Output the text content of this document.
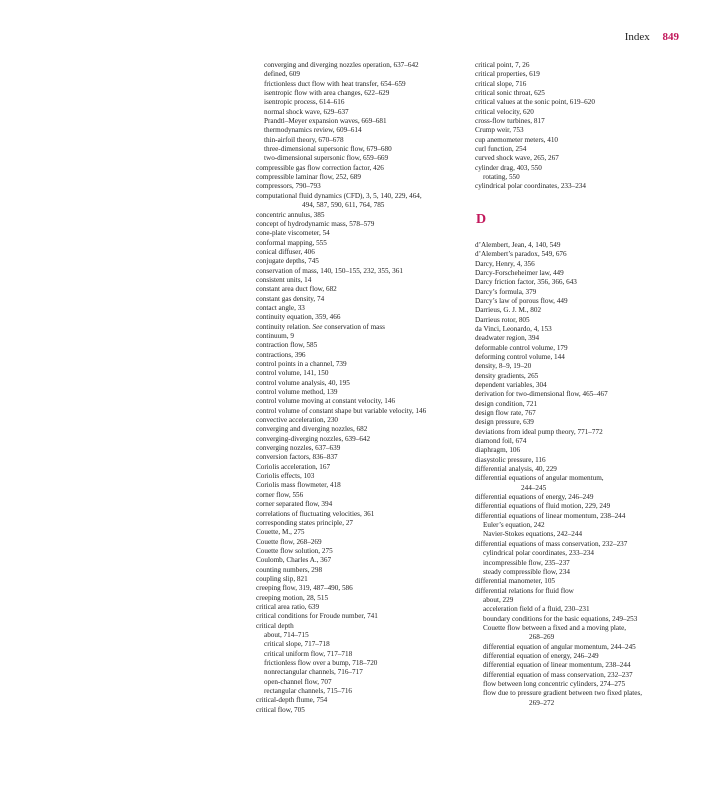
Index 849
converging and diverging nozzles operation, 637–642
defined, 609
frictionless duct flow with heat transfer, 654–659
isentropic flow with area changes, 622–629
isentropic process, 614–616
normal shock wave, 629–637
Prandtl–Meyer expansion waves, 669–681
thermodynamics review, 609–614
thin-airfoil theory, 670–678
three-dimensional supersonic flow, 679–680
two-dimensional supersonic flow, 659–669
compressible gas flow correction factor, 426
compressible laminar flow, 252, 689
compressors, 790–793
computational fluid dynamics (CFD), 3, 5, 140, 229, 464,
494, 587, 590, 611, 764, 785
concentric annulus, 385
concept of hydrodynamic mass, 578–579
cone-plate viscometer, 54
conformal mapping, 555
conical diffuser, 406
conjugate depths, 745
conservation of mass, 140, 150–155, 232, 355, 361
consistent units, 14
constant area duct flow, 682
constant gas density, 74
contact angle, 33
continuity equation, 359, 466
continuity relation. See conservation of mass
continuum, 9
contraction flow, 585
contractions, 396
control points in a channel, 739
control volume, 141, 150
control volume analysis, 40, 195
control volume method, 139
control volume moving at constant velocity, 146
control volume of constant shape but variable velocity, 146
convective acceleration, 230
converging and diverging nozzles, 682
converging-diverging nozzles, 639–642
converging nozzles, 637–639
conversion factors, 836–837
Coriolis acceleration, 167
Coriolis effects, 103
Coriolis mass flowmeter, 418
corner flow, 556
corner separated flow, 394
correlations of fluctuating velocities, 361
corresponding states principle, 27
Couette, M., 275
Couette flow, 268–269
Couette flow solution, 275
Coulomb, Charles A., 367
counting numbers, 298
coupling slip, 821
creeping flow, 319, 487–490, 586
creeping motion, 28, 515
critical area ratio, 639
critical conditions for Froude number, 741
critical depth
about, 714–715
critical slope, 717–718
critical uniform flow, 717–718
frictionless flow over a bump, 718–720
nonrectangular channels, 716–717
open-channel flow, 707
rectangular channels, 715–716
critical-depth flume, 754
critical flow, 705
critical point, 7, 26
critical properties, 619
critical slope, 716
critical sonic throat, 625
critical values at the sonic point, 619–620
critical velocity, 620
cross-flow turbines, 817
Crump weir, 753
cup anemometer meters, 410
curl function, 254
curved shock wave, 265, 267
cylinder drag, 403, 550
rotating, 550
cylindrical polar coordinates, 233–234
D
d’Alembert, Jean, 4, 140, 549
d’Alembert’s paradox, 549, 676
Darcy, Henry, 4, 356
Darcy-Forscheheimer law, 449
Darcy friction factor, 356, 366, 643
Darcy’s formula, 379
Darcy’s law of porous flow, 449
Darrieus, G. J. M., 802
Darrieus rotor, 805
da Vinci, Leonardo, 4, 153
deadwater region, 394
deformable control volume, 179
deforming control volume, 144
density, 8–9, 19–20
density gradients, 265
dependent variables, 304
derivation for two-dimensional flow, 465–467
design condition, 721
design flow rate, 767
design pressure, 639
deviations from ideal pump theory, 771–772
diamond foil, 674
diaphragm, 106
diasystolic pressure, 116
differential analysis, 40, 229
differential equations of angular momentum,
244–245
differential equations of energy, 246–249
differential equations of fluid motion, 229, 249
differential equations of linear momentum, 238–244
Euler’s equation, 242
Navier-Stokes equations, 242–244
differential equations of mass conservation, 232–237
cylindrical polar coordinates, 233–234
incompressible flow, 235–237
steady compressible flow, 234
differential manometer, 105
differential relations for fluid flow
about, 229
acceleration field of a fluid, 230–231
boundary conditions for the basic equations, 249–253
Couette flow between a fixed and a moving plate,
268–269
differential equation of angular momentum, 244–245
differential equation of energy, 246–249
differential equation of linear momentum, 238–244
differential equation of mass conservation, 232–237
flow between long concentric cylinders, 274–275
flow due to pressure gradient between two fixed plates,
269–272
